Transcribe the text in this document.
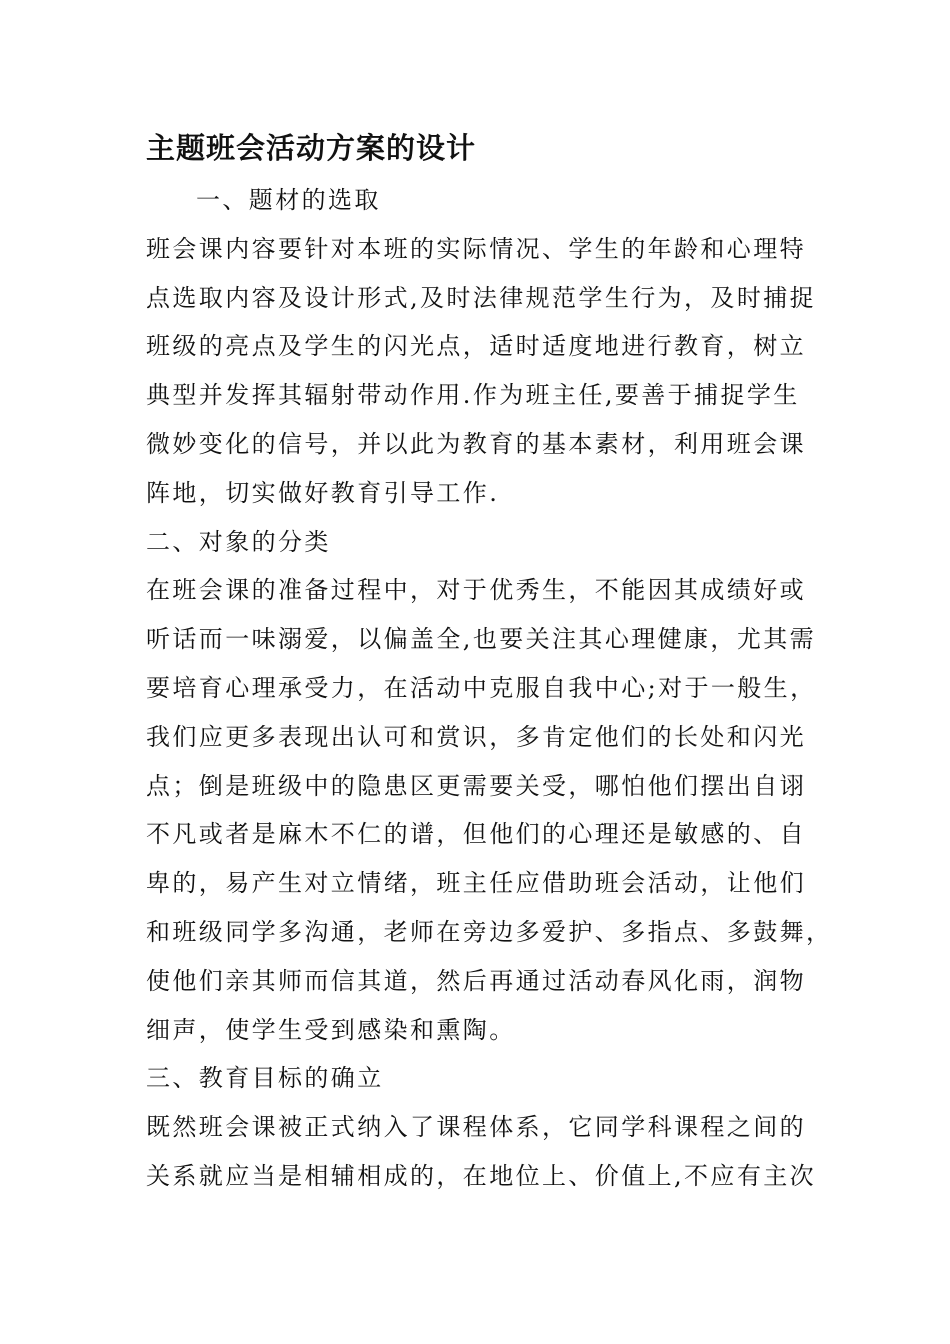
主题班会活动方案的设计
一、题材的选取
班会课内容要针对本班的实际情况、学生的年龄和心理特
点选取内容及设计形式,及时法律规范学生行为，及时捕捉
班级的亮点及学生的闪光点，适时适度地进行教育，树立
典型并发挥其辐射带动作用.作为班主任,要善于捕捉学生
微妙变化的信号，并以此为教育的基本素材，利用班会课
阵地，切实做好教育引导工作.
二、对象的分类
在班会课的准备过程中，对于优秀生，不能因其成绩好或
听话而一味溺爱，以偏盖全,也要关注其心理健康，尤其需
要培育心理承受力，在活动中克服自我中心;对于一般生，
我们应更多表现出认可和赏识，多肯定他们的长处和闪光
点；倒是班级中的隐患区更需要关受，哪怕他们摆出自诩
不凡或者是麻木不仁的谱，但他们的心理还是敏感的、自
卑的，易产生对立情绪，班主任应借助班会活动，让他们
和班级同学多沟通，老师在旁边多爱护、多指点、多鼓舞，
使他们亲其师而信其道，然后再通过活动春风化雨，润物
细声，使学生受到感染和熏陶。
三、教育目标的确立
既然班会课被正式纳入了课程体系，它同学科课程之间的
关系就应当是相辅相成的，在地位上、价值上,不应有主次
